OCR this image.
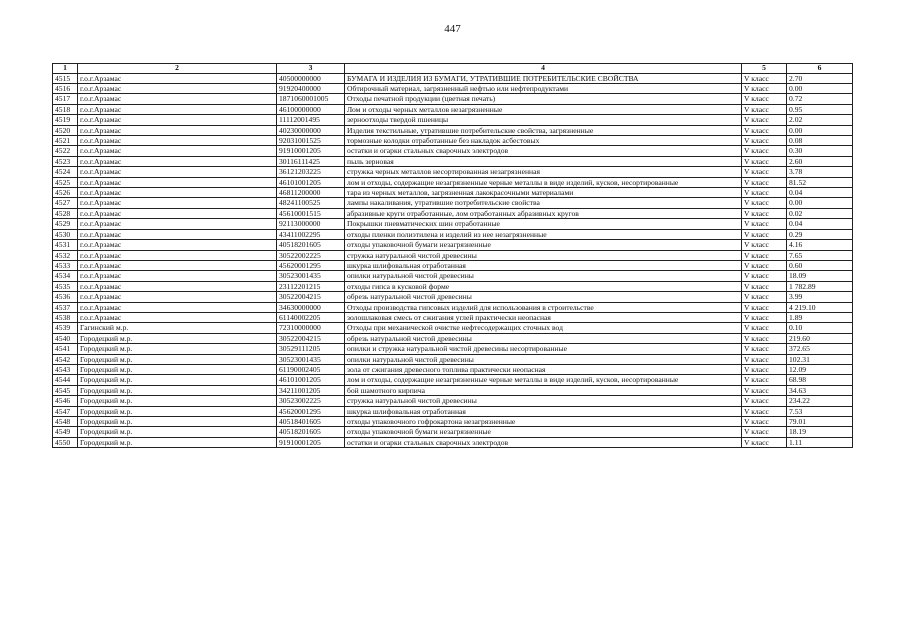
447
1	2	3	4	5	6
4515	г.о.г.Арзамас	40500000000	БУМАГА И ИЗДЕЛИЯ ИЗ БУМАГИ, УТРАТИВШИЕ ПОТРЕБИТЕЛЬСКИЕ СВОЙСТВА	V класс	2.70
4516	г.о.г.Арзамас	91920400000	Обтирочный материал, загрязненный нефтью или нефтепродуктами	V класс	0.00
4517	г.о.г.Арзамас	1871060001005	Отходы печатной продукции (цветная печать)	V класс	0.72
4518	г.о.г.Арзамас	46100000000	Лом и отходы черных металлов незагрязненные	V класс	0.95
4519	г.о.г.Арзамас	11112001495	зерноотходы твердой пшеницы	V класс	2.02
4520	г.о.г.Арзамас	40230000000	Изделия текстильные, утратившие потребительские свойства, загрязненные	V класс	0.00
4521	г.о.г.Арзамас	92031001525	тормозные колодки отработанные без накладок асбестовых	V класс	0.08
4522	г.о.г.Арзамас	91910001205	остатки и огарки стальных сварочных электродов	V класс	0.30
4523	г.о.г.Арзамас	30116111425	пыль зерновая	V класс	2.60
4524	г.о.г.Арзамас	36121203225	стружка черных металлов несортированная незагрязненная	V класс	3.78
4525	г.о.г.Арзамас	46101001205	лом и отходы, содержащие незагрязненные черные металлы в виде изделий, кусков, несортированные	V класс	81.52
4526	г.о.г.Арзамас	46811200000	тара из черных металлов, загрязненная лакокрасочными материалами	V класс	0.04
4527	г.о.г.Арзамас	48241100525	лампы накаливания, утратившие потребительские свойства	V класс	0.00
4528	г.о.г.Арзамас	45610001515	абразивные круги отработанные, лом отработанных абразивных кругов	V класс	0.02
4529	г.о.г.Арзамас	92113000000	Покрышки пневматических шин отработанные	V класс	0.04
4530	г.о.г.Арзамас	43411002295	отходы пленки полиэтилена и изделий из нее незагрязненные	V класс	0.29
4531	г.о.г.Арзамас	40518201605	отходы упаковочной бумаги незагрязненные	V класс	4.16
4532	г.о.г.Арзамас	30522002225	стружка натуральной чистой древесины	V класс	7.65
4533	г.о.г.Арзамас	45620001295	шкурка шлифовальная отработанная	V класс	0.60
4534	г.о.г.Арзамас	30523001435	опилки натуральной чистой древесины	V класс	18.09
4535	г.о.г.Арзамас	23112201215	отходы гипса в кусковой форме	V класс	1 782.89
4536	г.о.г.Арзамас	30522004215	обрезь натуральной чистой древесины	V класс	3.99
4537	г.о.г.Арзамас	34630000000	Отходы производства гипсовых изделий для использования в строительстве	V класс	4 219.10
4538	г.о.г.Арзамас	61140002205	золошлаковая смесь от сжигания углей практически неопасная	V класс	1.89
4539	Гагинский м.р.	72310000000	Отходы при механической очистке нефтесодержащих сточных вод	V класс	0.10
4540	Городецкий м.р.	30522004215	обрезь натуральной чистой древесины	V класс	219.60
4541	Городецкий м.р.	30529111205	опилки и стружка натуральной чистой древесины несортированные	V класс	372.65
4542	Городецкий м.р.	30523001435	опилки натуральной чистой древесины	V класс	102.31
4543	Городецкий м.р.	61190002405	зола от сжигания древесного топлива практически неопасная	V класс	12.09
4544	Городецкий м.р.	46101001205	лом и отходы, содержащие незагрязненные черные металлы в виде изделий, кусков, несортированные	V класс	68.98
4545	Городецкий м.р.	34211001205	бой шамотного кирпича	V класс	34.63
4546	Городецкий м.р.	30523002225	стружка натуральной чистой древесины	V класс	234.22
4547	Городецкий м.р.	45620001295	шкурка шлифовальная отработанная	V класс	7.53
4548	Городецкий м.р.	40518401605	отходы упаковочного гофрокартона незагрязненные	V класс	79.01
4549	Городецкий м.р.	40518201605	отходы упаковочной бумаги незагрязненные	V класс	18.19
4550	Городецкий м.р.	91910001205	остатки и огарки стальных сварочных электродов	V класс	1.11
